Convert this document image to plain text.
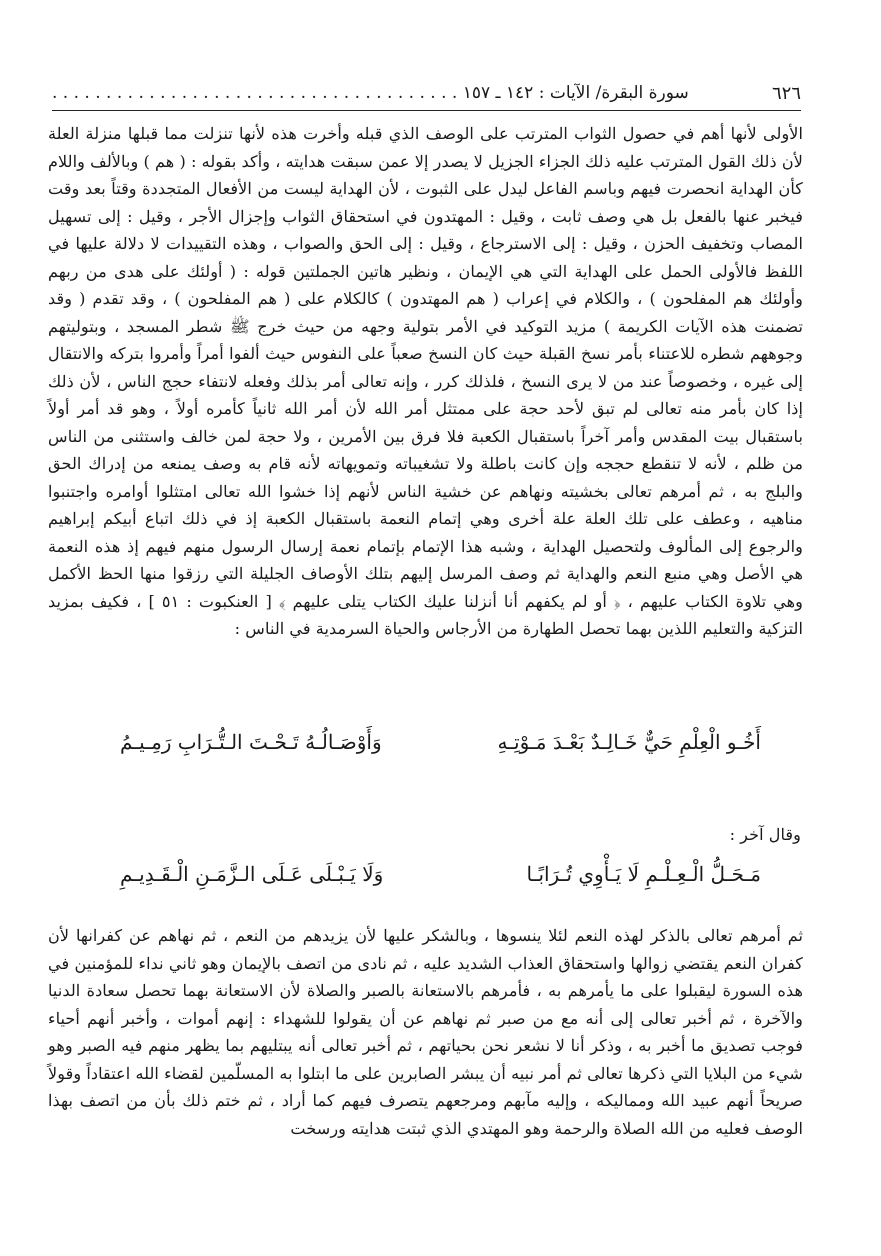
٦٢٦
سورة البقرة/ الآيات : ١٤٢ ـ ١٥٧ . . . . . . . . . . . . . . . . . . . . . . . . . . . . . . . . . . . . . .

الأولى لأنها أهم في حصول الثواب المترتب على الوصف الذي قبله وأخرت هذه لأنها تنزلت مما قبلها منزلة العلة لأن ذلك القول المترتب عليه ذلك الجزاء الجزيل لا يصدر إلا عمن سبقت هدايته ، وأكد بقوله : ( هم ) وبالألف واللام كأن الهداية انحصرت فيهم وباسم الفاعل ليدل على الثبوت ، لأن الهداية ليست من الأفعال المتجددة وقتاً بعد وقت فيخبر عنها بالفعل بل هي وصف ثابت ، وقيل : المهتدون في استحقاق الثواب وإجزال الأجر ، وقيل : إلى تسهيل المصاب وتخفيف الحزن ، وقيل : إلى الاسترجاع ، وقيل : إلى الحق والصواب ، وهذه التقييدات لا دلالة عليها في اللفظ فالأولى الحمل على الهداية التي هي الإيمان ، ونظير هاتين الجملتين قوله : ( أولئك على هدى من ربهم وأولئك هم المفلحون ) ، والكلام في إعراب ( هم المهتدون ) كالكلام على ( هم المفلحون ) ، وقد تقدم ( وقد تضمنت هذه الآيات الكريمة ) مزيد التوكيد في الأمر بتولية وجهه من حيث خرج ﷺ شطر المسجد ، وبتوليتهم وجوههم شطره للاعتناء بأمر نسخ القبلة حيث كان النسخ صعباً على النفوس حيث ألفوا أمراً وأمروا بتركه والانتقال إلى غيره ، وخصوصاً عند من لا يرى النسخ ، فلذلك كرر ، وإنه تعالى أمر بذلك وفعله لانتفاء حجج الناس ، لأن ذلك إذا كان بأمر منه تعالى لم تبق لأحد حجة على ممتثل أمر الله لأن أمر الله ثانياً كأمره أولاً ، وهو قد أمر أولاً باستقبال بيت المقدس وأمر آخراً باستقبال الكعبة فلا فرق بين الأمرين ، ولا حجة لمن خالف واستثنى من الناس من ظلم ، لأنه لا تنقطع حججه وإن كانت باطلة ولا تشغيباته وتمويهاته لأنه قام به وصف يمنعه من إدراك الحق والبلج به ، ثم أمرهم تعالى بخشيته ونهاهم عن خشية الناس لأنهم إذا خشوا الله تعالى امتثلوا أوامره واجتنبوا مناهيه ، وعطف على تلك العلة علة أخرى وهي إتمام النعمة باستقبال الكعبة إذ في ذلك اتباع أبيكم إبراهيم والرجوع إلى المألوف ولتحصيل الهداية ، وشبه هذا الإتمام بإتمام نعمة إرسال الرسول منهم فيهم إذ هذه النعمة هي الأصل وهي منبع النعم والهداية ثم وصف المرسل إليهم بتلك الأوصاف الجليلة التي رزقوا منها الحظ الأكمل وهي تلاوة الكتاب عليهم ، ﴿ أو لم يكفهم أنا أنزلنا عليك الكتاب يتلى عليهم ﴾ [ العنكبوت : ٥١ ] ، فكيف بمزيد التزكية والتعليم اللذين بهما تحصل الطهارة من الأرجاس والحياة السرمدية في الناس :

أَخُـو الْعِلْمِ حَيٌّ خَـالِـدٌ بَعْـدَ مَـوْتِـهِ
وَأَوْصَـالُـهُ تَـحْـتَ الـتُّـرَابِ رَمِـيـمُ
وقال آخر :
مَـحَـلُّ الْـعِـلْـمِ لَا يَـأْوِي تُـرَابًـا
وَلَا يَـبْـلَى عَـلَى الـزَّمَـنِ الْـقَـدِيـمِ

ثم أمرهم تعالى بالذكر لهذه النعم لئلا ينسوها ، وبالشكر عليها لأن يزيدهم من النعم ، ثم نهاهم عن كفرانها لأن كفران النعم يقتضي زوالها واستحقاق العذاب الشديد عليه ، ثم نادى من اتصف بالإيمان وهو ثاني نداء للمؤمنين في هذه السورة ليقبلوا على ما يأمرهم به ، فأمرهم بالاستعانة بالصبر والصلاة لأن الاستعانة بهما تحصل سعادة الدنيا والآخرة ، ثم أخبر تعالى إلى أنه مع من صبر ثم نهاهم عن أن يقولوا للشهداء : إنهم أموات ، وأخبر أنهم أحياء فوجب تصديق ما أخبر به ، وذكر أنا لا نشعر نحن بحياتهم ، ثم أخبر تعالى أنه يبتليهم بما يظهر منهم فيه الصبر وهو شيء من البلايا التي ذكرها تعالى ثم أمر نبيه أن يبشر الصابرين على ما ابتلوا به المسلّمين لقضاء الله اعتقاداً وقولاً صريحاً أنهم عبيد الله ومماليكه ، وإليه مآبهم ومرجعهم يتصرف فيهم كما أراد ، ثم ختم ذلك بأن من اتصف بهذا الوصف فعليه من الله الصلاة والرحمة وهو المهتدي الذي ثبتت هدايته ورسخت
